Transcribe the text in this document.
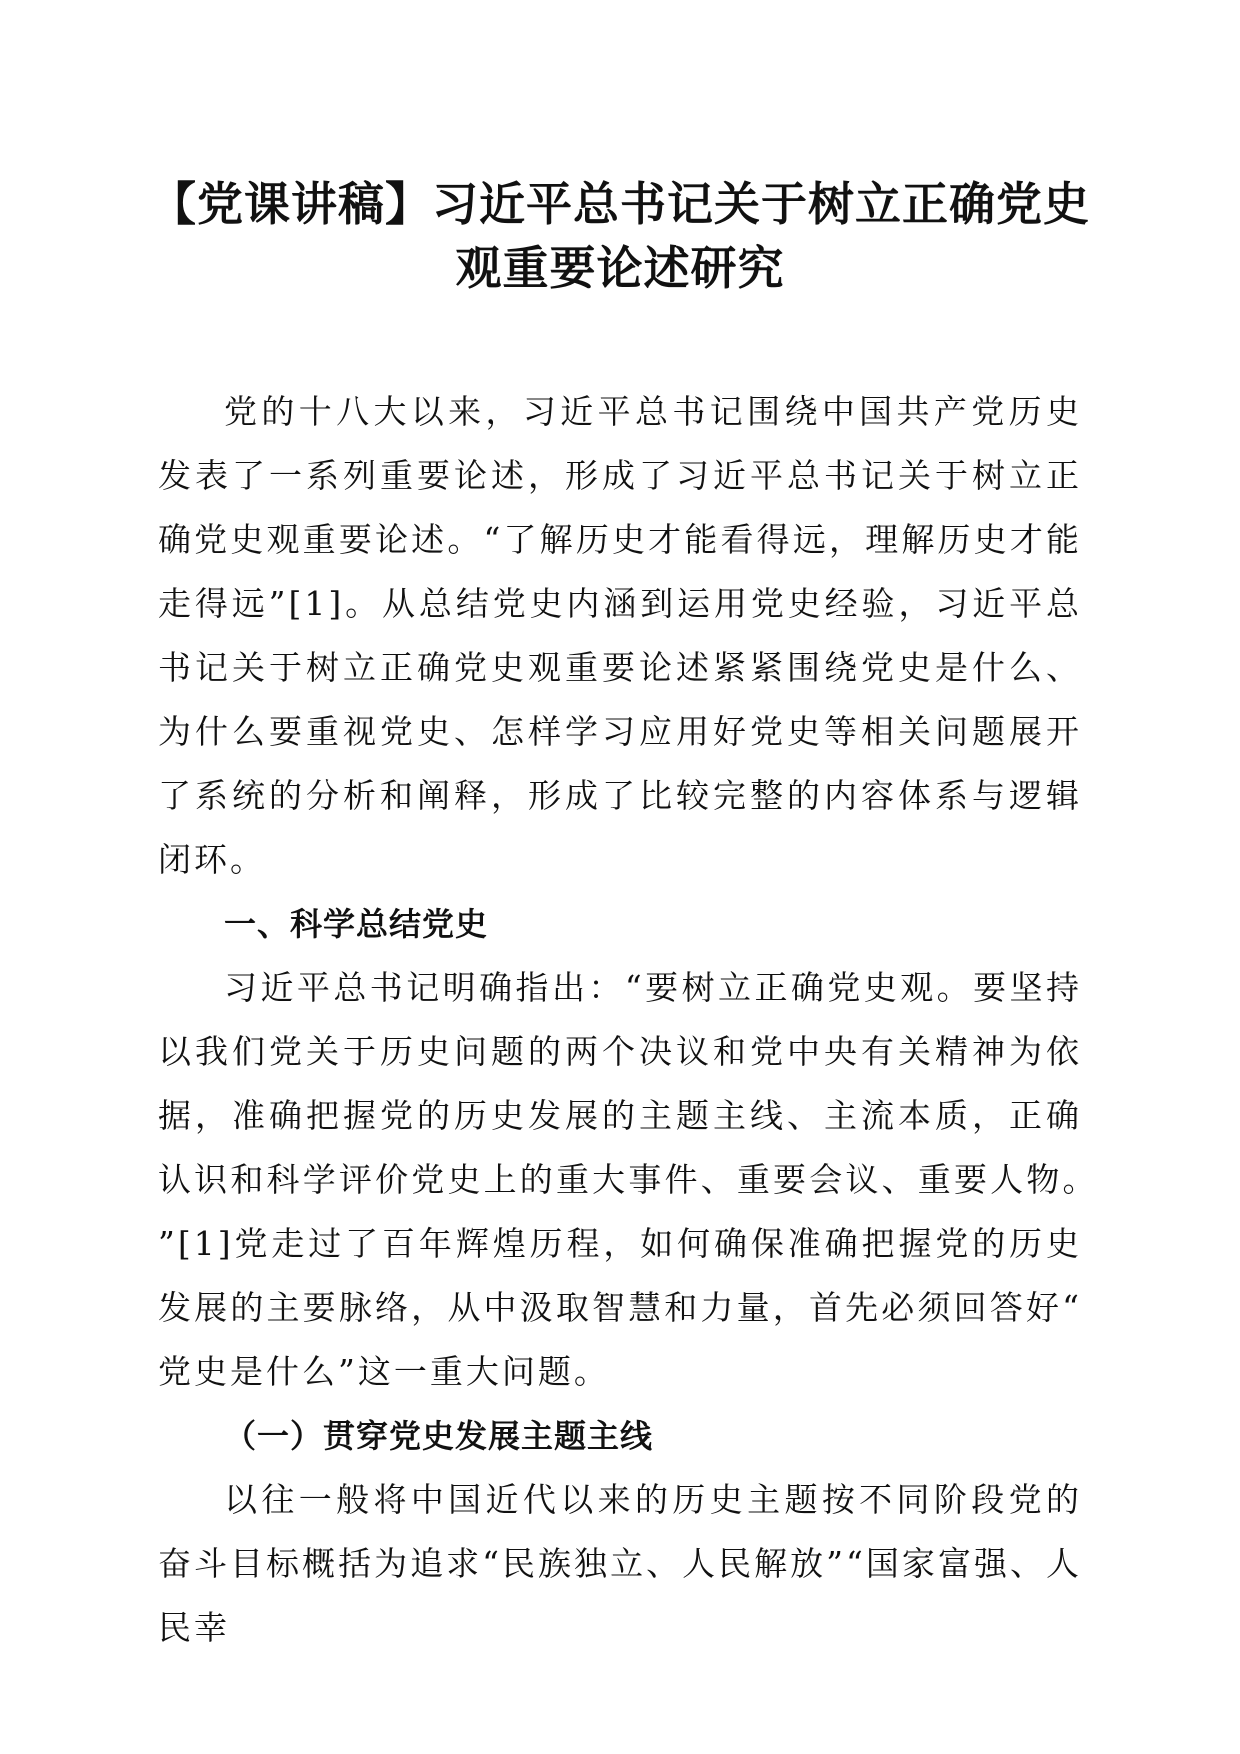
【党课讲稿】习近平总书记关于树立正确党史
观重要论述研究

党的十八大以来，习近平总书记围绕中国共产党历史发表了一系列重要论述，形成了习近平总书记关于树立正确党史观重要论述。“了解历史才能看得远，理解历史才能走得远”[1]。从总结党史内涵到运用党史经验，习近平总书记关于树立正确党史观重要论述紧紧围绕党史是什么、为什么要重视党史、怎样学习应用好党史等相关问题展开了系统的分析和阐释，形成了比较完整的内容体系与逻辑闭环。

一、科学总结党史

习近平总书记明确指出：“要树立正确党史观。要坚持以我们党关于历史问题的两个决议和党中央有关精神为依据，准确把握党的历史发展的主题主线、主流本质，正确认识和科学评价党史上的重大事件、重要会议、重要人物。”[1]党走过了百年辉煌历程，如何确保准确把握党的历史发展的主要脉络，从中汲取智慧和力量，首先必须回答好“党史是什么”这一重大问题。

（一）贯穿党史发展主题主线

以往一般将中国近代以来的历史主题按不同阶段党的奋斗目标概括为追求“民族独立、人民解放”“国家富强、人民幸
